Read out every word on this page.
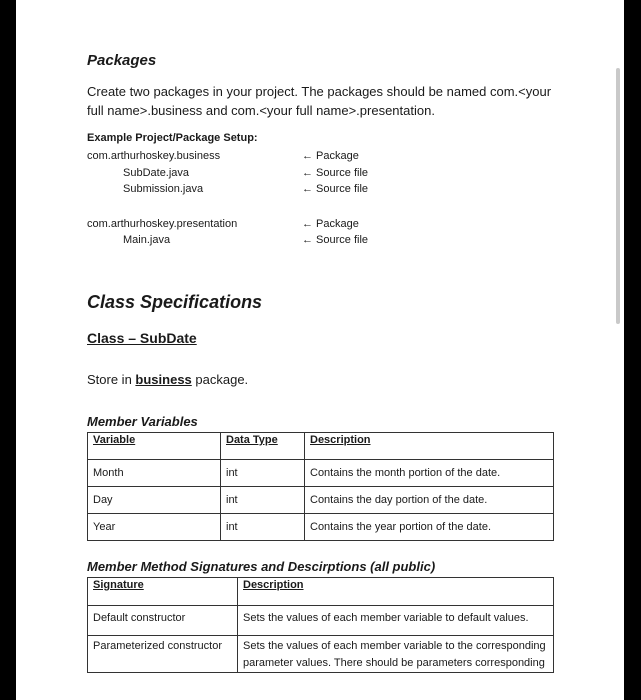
Packages

Create two packages in your project. The packages should be named com.<your full name>.business and com.<your full name>.presentation.

Example Project/Package Setup:
com.arthurhoskey.business	← Package
SubDate.java	← Source file
Submission.java	← Source file
com.arthurhoskey.presentation	← Package
Main.java	← Source file
Class Specifications
Class – SubDate

Store in business package.

Member Variables
Variable	Data Type	Description
Month	int	Contains the month portion of the date.
Day	int	Contains the day portion of the date.
Year	int	Contains the year portion of the date.
Member Method Signatures and Descirptions (all public)
Signature	Description
Default constructor	Sets the values of each member variable to default values.
Parameterized constructor	Sets the values of each member variable to the corresponding parameter values. There should be parameters corresponding
